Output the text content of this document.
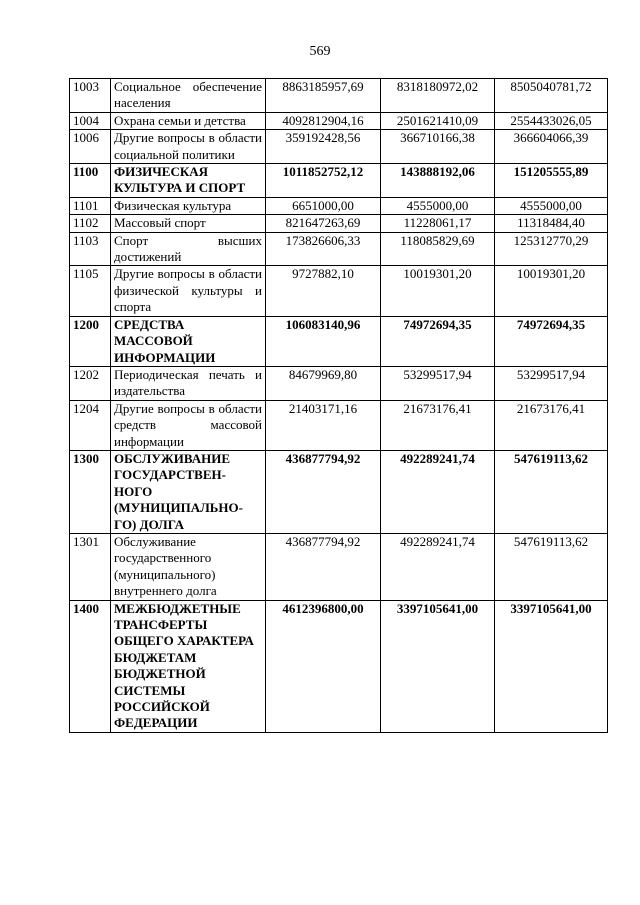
569
1003	Социальное обеспечение населения	8863185957,69	8318180972,02	8505040781,72
1004	Охрана семьи и детства	4092812904,16	2501621410,09	2554433026,05
1006	Другие вопросы в области социальной политики	359192428,56	366710166,38	366604066,39
1100	ФИЗИЧЕСКАЯ КУЛЬТУРА И СПОРТ	1011852752,12	143888192,06	151205555,89
1101	Физическая культура	6651000,00	4555000,00	4555000,00
1102	Массовый спорт	821647263,69	11228061,17	11318484,40
1103	Спорт высших достижений	173826606,33	118085829,69	125312770,29
1105	Другие вопросы в области физической культуры и спорта	9727882,10	10019301,20	10019301,20
1200	СРЕДСТВА МАССОВОЙ ИНФОРМАЦИИ	106083140,96	74972694,35	74972694,35
1202	Периодическая печать и издательства	84679969,80	53299517,94	53299517,94
1204	Другие вопросы в области средств массовой информации	21403171,16	21673176,41	21673176,41
1300	ОБСЛУЖИВАНИЕ ГОСУДАРСТВЕН-НОГО (МУНИЦИПАЛЬНО-ГО) ДОЛГА	436877794,92	492289241,74	547619113,62
1301	Обслуживание государственного (муниципального) внутреннего долга	436877794,92	492289241,74	547619113,62
1400	МЕЖБЮДЖЕТНЫЕ ТРАНСФЕРТЫ ОБЩЕГО ХАРАКТЕРА БЮДЖЕТАМ БЮДЖЕТНОЙ СИСТЕМЫ РОССИЙСКОЙ ФЕДЕРАЦИИ	4612396800,00	3397105641,00	3397105641,00
